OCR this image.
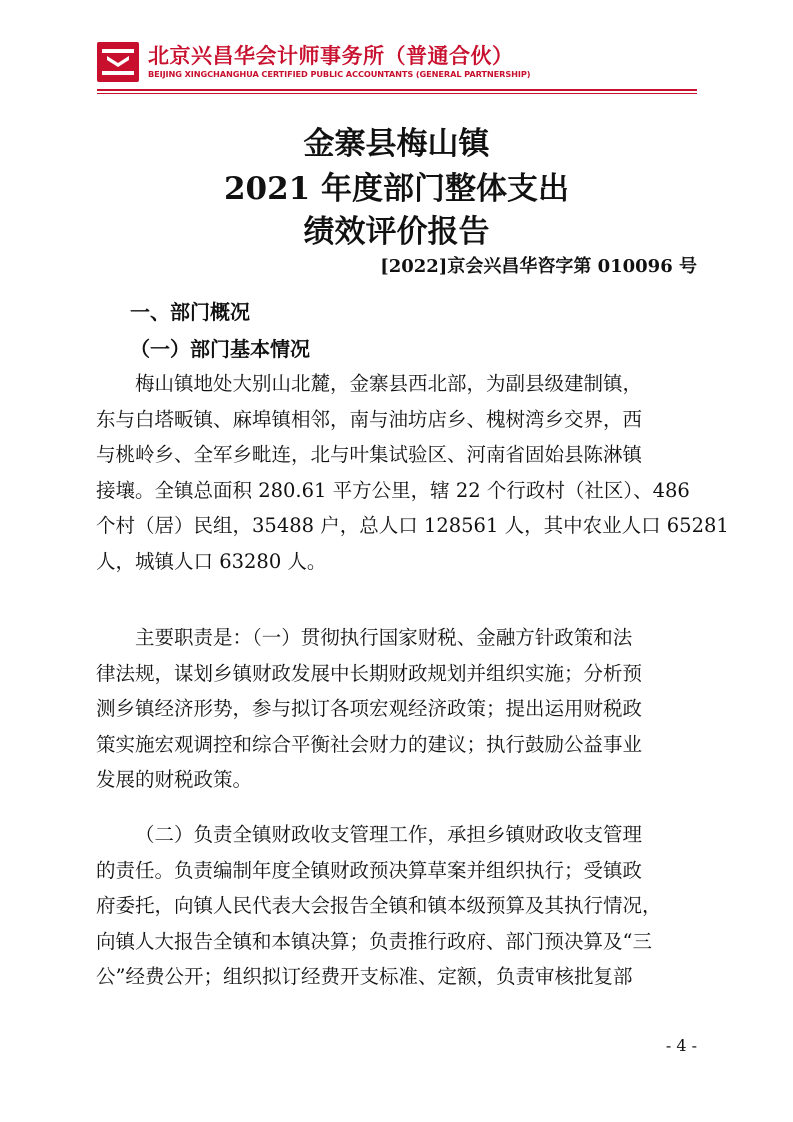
北京兴昌华会计师事务所（普通合伙）
BEIJING XINGCHANGHUA CERTIFIED PUBLIC ACCOUNTANTS (GENERAL PARTNERSHIP)
金寨县梅山镇
2021 年度部门整体支出
绩效评价报告
[2022]京会兴昌华咨字第 010096 号
一、部门概况
（一）部门基本情况
梅山镇地处大别山北麓，金寨县西北部，为副县级建制镇，
东与白塔畈镇、麻埠镇相邻，南与油坊店乡、槐树湾乡交界，西
与桃岭乡、全军乡毗连，北与叶集试验区、河南省固始县陈淋镇
接壤。全镇总面积 280.61 平方公里，辖 22 个行政村（社区）、486
个村（居）民组，35488 户，总人口 128561 人，其中农业人口 65281
人，城镇人口 63280 人。
主要职责是：（一）贯彻执行国家财税、金融方针政策和法
律法规，谋划乡镇财政发展中长期财政规划并组织实施；分析预
测乡镇经济形势，参与拟订各项宏观经济政策；提出运用财税政
策实施宏观调控和综合平衡社会财力的建议；执行鼓励公益事业
发展的财税政策。
（二）负责全镇财政收支管理工作，承担乡镇财政收支管理
的责任。负责编制年度全镇财政预决算草案并组织执行；受镇政
府委托，向镇人民代表大会报告全镇和镇本级预算及其执行情况，
向镇人大报告全镇和本镇决算；负责推行政府、部门预决算及“三
公”经费公开；组织拟订经费开支标准、定额，负责审核批复部
- 4 -
